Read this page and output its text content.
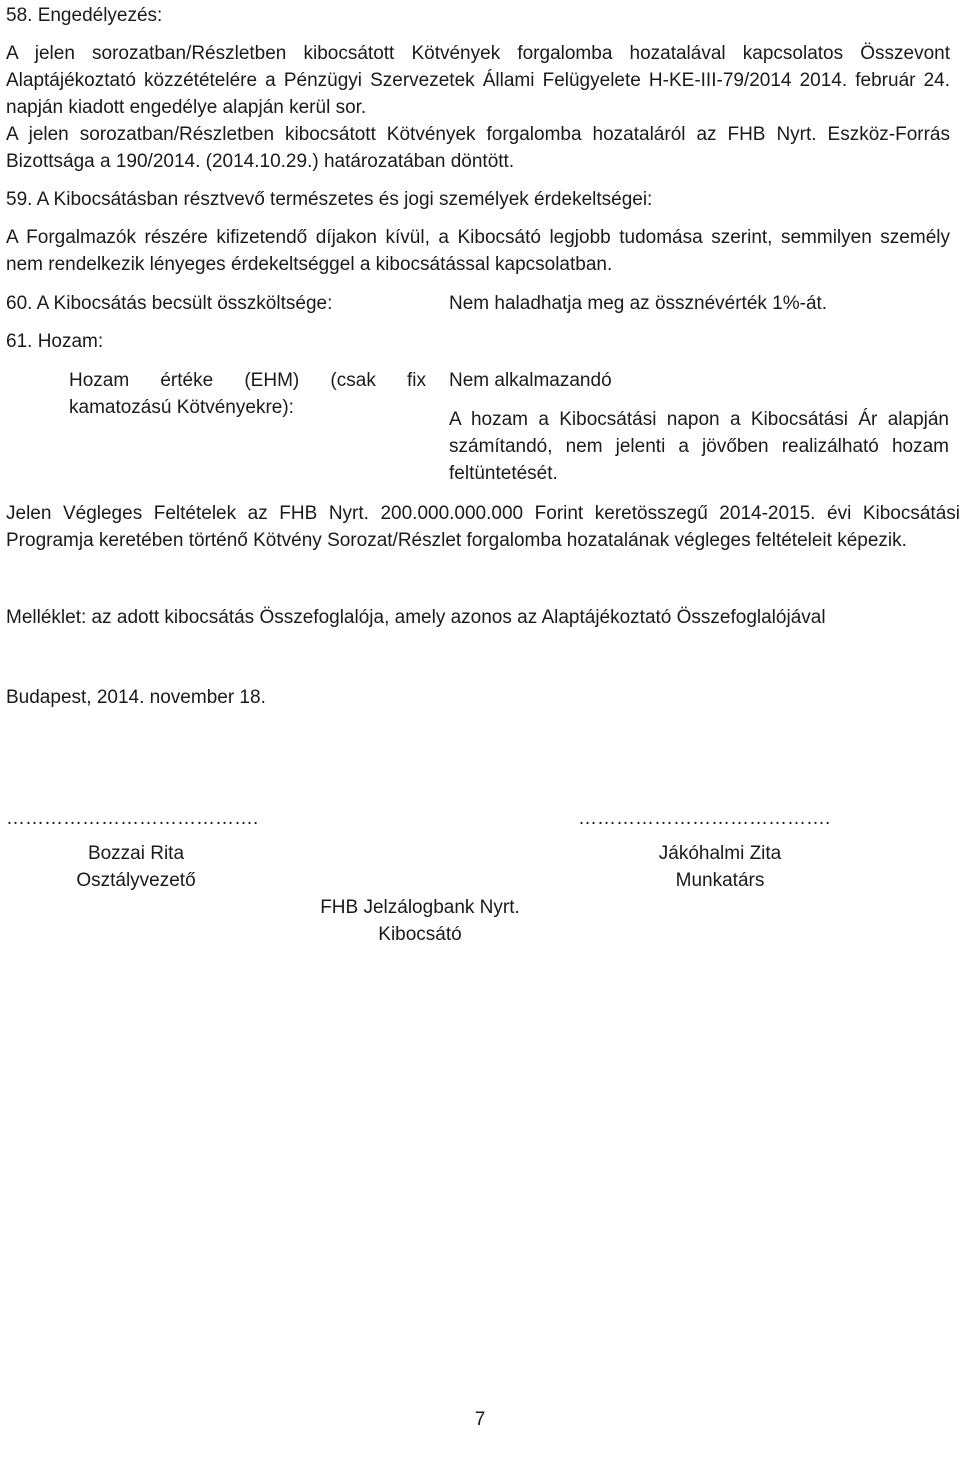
58. Engedélyezés:
A jelen sorozatban/Részletben kibocsátott Kötvények forgalomba hozatalával kapcsolatos Összevont
Alaptájékoztató közzétételére a Pénzügyi Szervezetek Állami Felügyelete H-KE-III-79/2014 2014. február 24.
napján kiadott engedélye alapján kerül sor.
A jelen sorozatban/Részletben kibocsátott Kötvények forgalomba hozataláról az FHB Nyrt. Eszköz-Forrás
Bizottsága a 190/2014. (2014.10.29.) határozatában döntött.
59. A Kibocsátásban résztvevő természetes és jogi személyek érdekeltségei:
A Forgalmazók részére kifizetendő díjakon kívül, a Kibocsátó legjobb tudomása szerint, semmilyen személy
nem rendelkezik lényeges érdekeltséggel a kibocsátással kapcsolatban.
60. A Kibocsátás becsült összköltsége:	Nem haladhatja meg az össznévérték 1%-át.
61. Hozam:
Hozam értéke (EHM) (csak fix
kamatozású Kötvényekre):
Nem alkalmazandó
A hozam a Kibocsátási napon a Kibocsátási Ár alapján
számítandó, nem jelenti a jövőben realizálható hozam
feltüntetését.
Jelen Végleges Feltételek az FHB Nyrt. 200.000.000.000 Forint keretösszegű 2014-2015. évi Kibocsátási
Programja keretében történő Kötvény Sorozat/Részlet forgalomba hozatalának végleges feltételeit képezik.
Melléklet: az adott kibocsátás Összefoglalója, amely azonos az Alaptájékoztató Összefoglalójával
Budapest, 2014. november 18.
………………………………….	………………………………….
Bozzai Rita
Osztályvezető
Jákóhalmi Zita
Munkatárs
FHB Jelzálogbank Nyrt.
Kibocsátó
7
